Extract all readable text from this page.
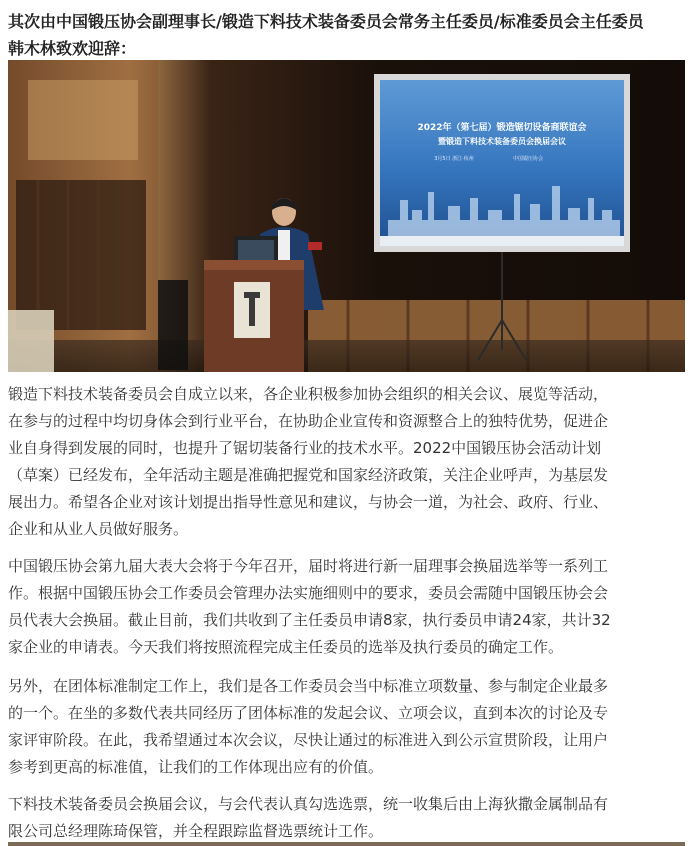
其次由中国锻压协会副理事长/锻造下料技术装备委员会常务主任委员/标准委员会主任委员
韩木林致欢迎辞：

2022年（第七届）锻造锯切设备商联谊会
暨锻造下料技术装备委员会换届会议
3月5日 浙江·杭州	中国锻压协会

锻造下料技术装备委员会自成立以来，各企业积极参加协会组织的相关会议、展览等活动，
在参与的过程中均切身体会到行业平台，在协助企业宣传和资源整合上的独特优势，促进企
业自身得到发展的同时，也提升了锯切装备行业的技术水平。2022中国锻压协会活动计划
（草案）已经发布，全年活动主题是准确把握党和国家经济政策，关注企业呼声，为基层发
展出力。希望各企业对该计划提出指导性意见和建议，与协会一道，为社会、政府、行业、
企业和从业人员做好服务。

中国锻压协会第九届大表大会将于今年召开，届时将进行新一届理事会换届选举等一系列工
作。根据中国锻压协会工作委员会管理办法实施细则中的要求，委员会需随中国锻压协会会
员代表大会换届。截止目前，我们共收到了主任委员申请8家，执行委员申请24家，共计32
家企业的申请表。今天我们将按照流程完成主任委员的选举及执行委员的确定工作。

另外，在团体标准制定工作上，我们是各工作委员会当中标准立项数量、参与制定企业最多
的一个。在坐的多数代表共同经历了团体标准的发起会议、立项会议，直到本次的讨论及专
家评审阶段。在此，我希望通过本次会议，尽快让通过的标准进入到公示宣贯阶段，让用户
参考到更高的标准值，让我们的工作体现出应有的价值。

下料技术装备委员会换届会议，与会代表认真勾选选票，统一收集后由上海狄撒金属制品有
限公司总经理陈琦保管，并全程跟踪监督选票统计工作。
